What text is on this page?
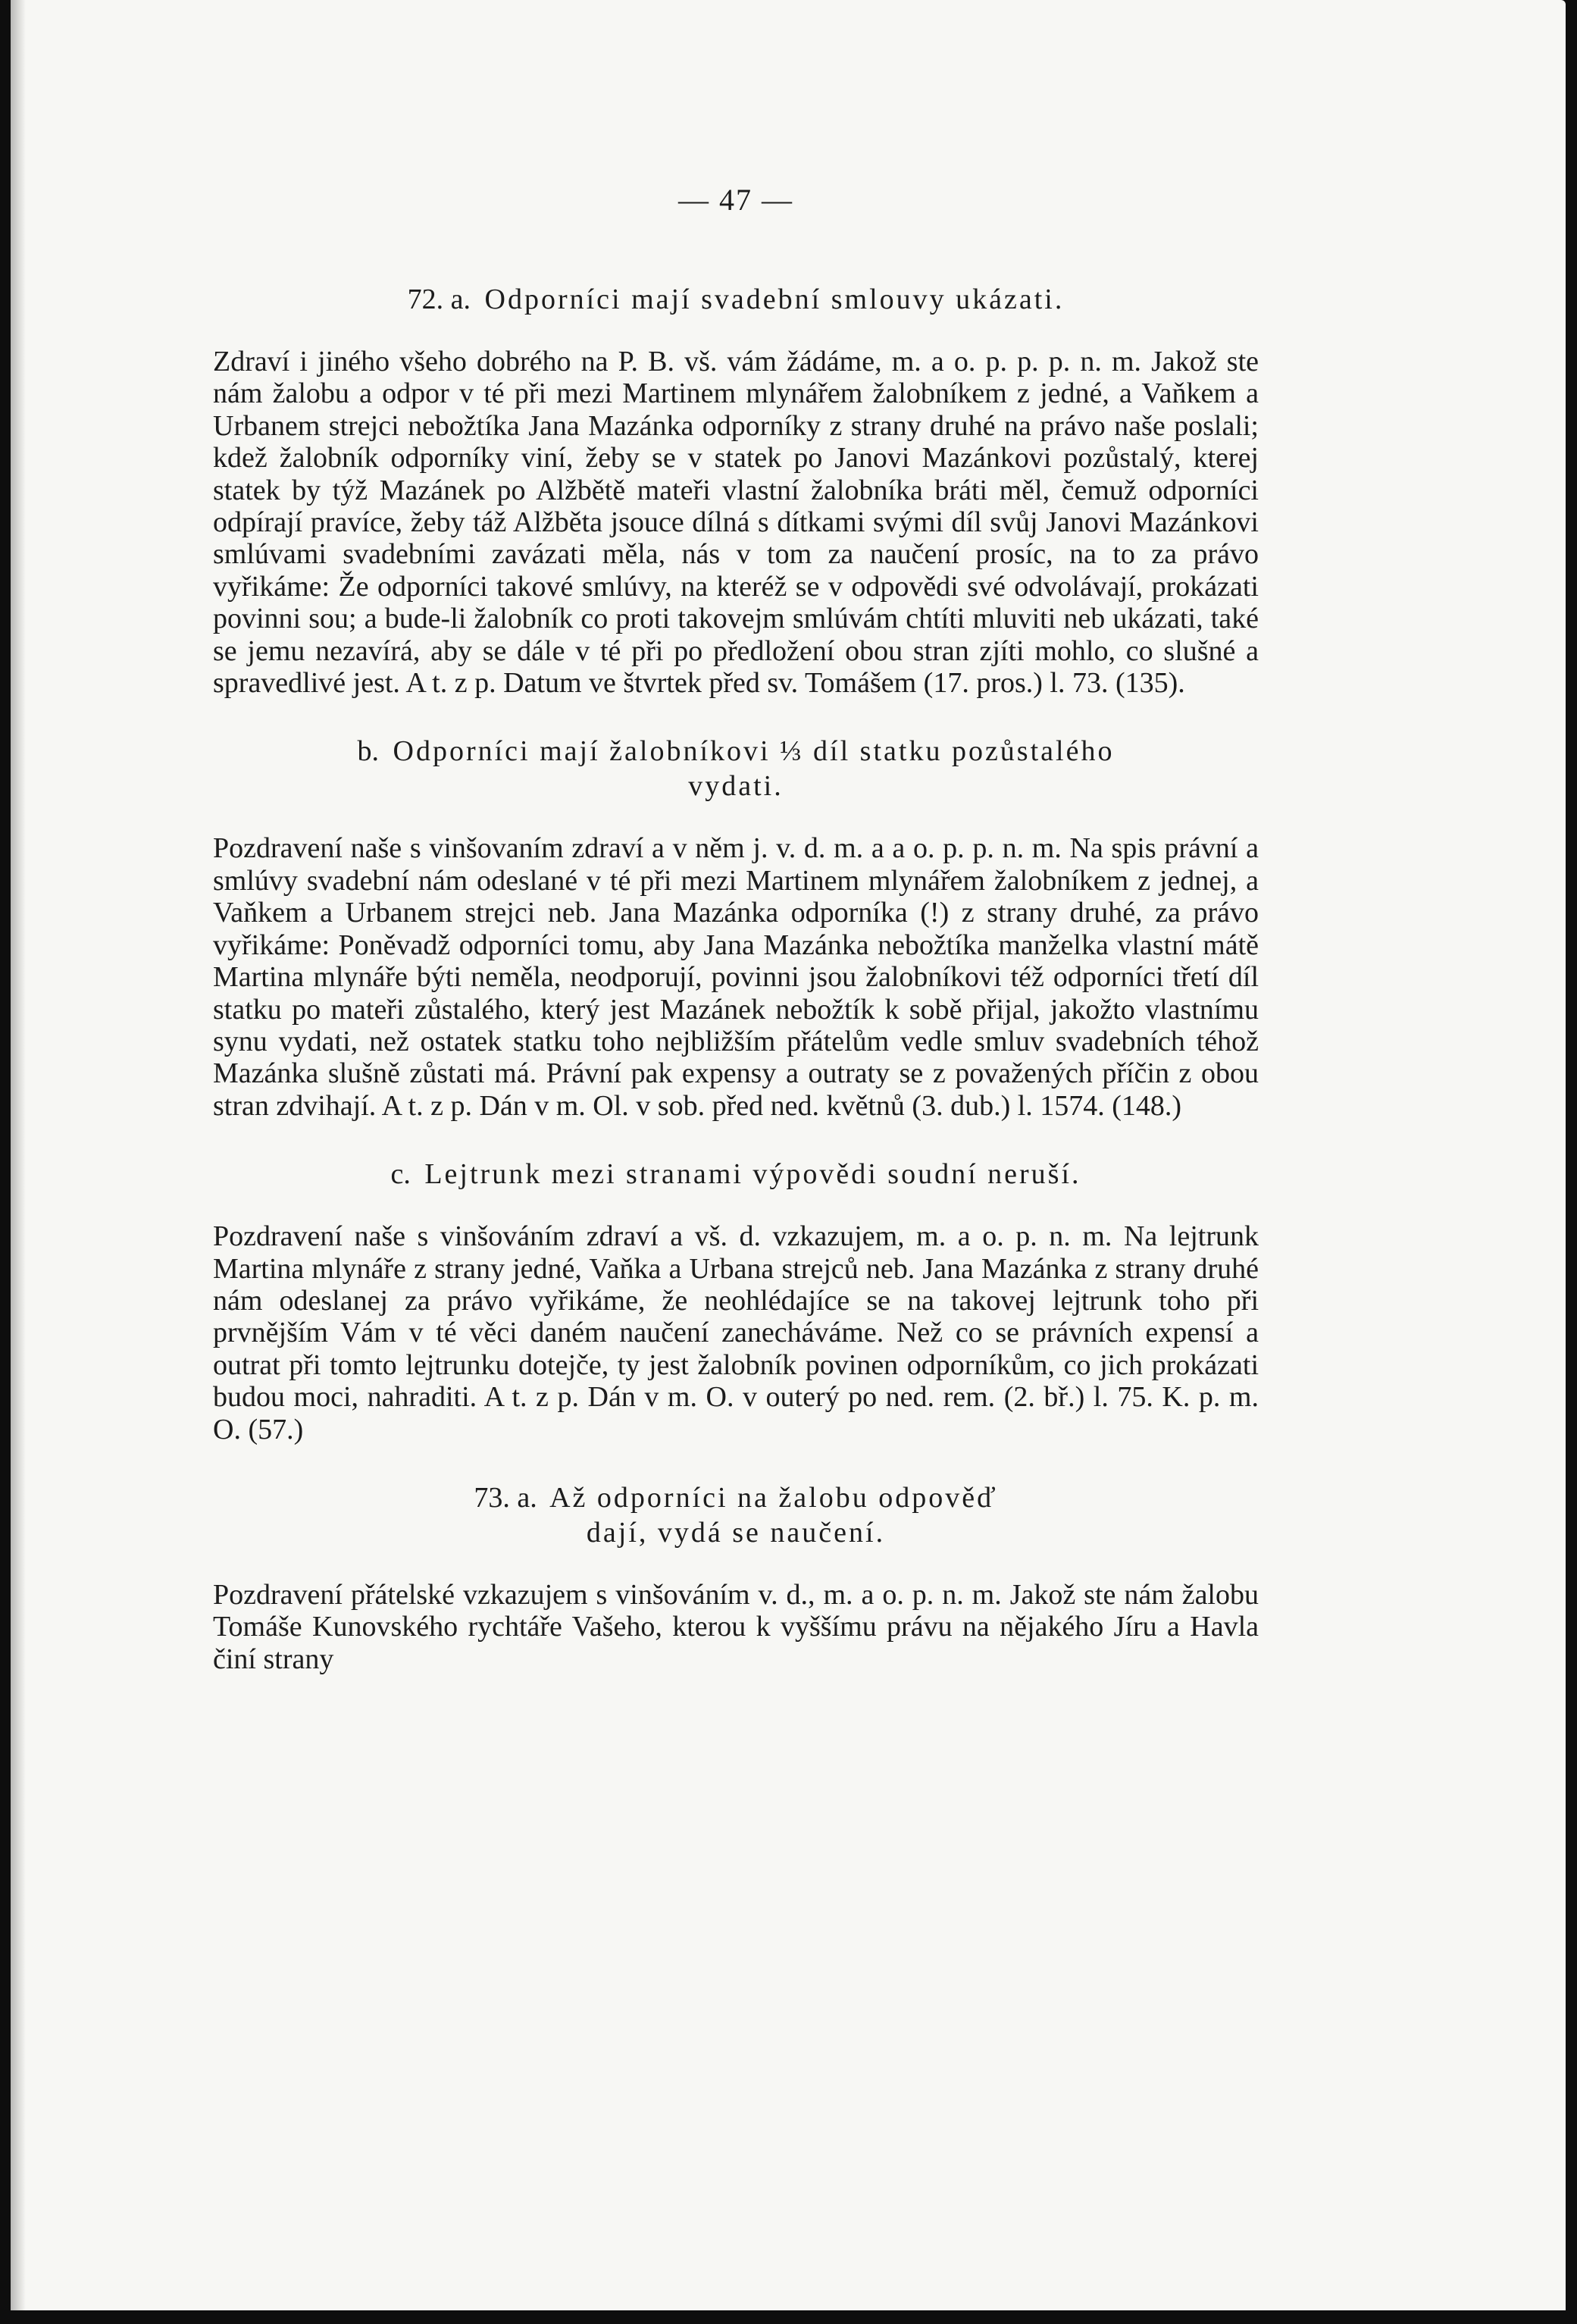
— 47 —

72. a. Odporníci mají svadební smlouvy ukázati.

Zdraví i jiného všeho dobrého na P. B. vš. vám žádáme, m. a o. p. p. p. n. m. Jakož ste nám žalobu a odpor v té při mezi Martinem mlynářem žalobníkem z jedné, a Vaňkem a Urbanem strejci nebožtíka Jana Mazánka odporníky z strany druhé na právo naše poslali; kdež žalobník odporníky viní, žeby se v statek po Janovi Mazánkovi pozůstalý, kterej statek by týž Mazánek po Alžbětě mateři vlastní žalobníka bráti měl, čemuž odporníci odpírají pravíce, žeby táž Alžběta jsouce dílná s dítkami svými díl svůj Janovi Mazánkovi smlúvami svadebními zavázati měla, nás v tom za naučení prosíc, na to za právo vyřikáme: Že odporníci takové smlúvy, na kteréž se v odpovědi své odvolávají, prokázati povinni sou; a bude-li žalobník co proti takovejm smlúvám chtíti mluviti neb ukázati, také se jemu nezavírá, aby se dále v té při po předložení obou stran zjíti mohlo, co slušné a spravedlivé jest. A t. z p. Datum ve štvrtek před sv. Tomášem (17. pros.) l. 73. (135).

b. Odporníci mají žalobníkovi ⅓ díl statku pozůstalého vydati.

Pozdravení naše s vinšovaním zdraví a v něm j. v. d. m. a a o. p. p. n. m. Na spis právní a smlúvy svadební nám odeslané v té při mezi Martinem mlynářem žalobníkem z jednej, a Vaňkem a Urbanem strejci neb. Jana Mazánka odporníka (!) z strany druhé, za právo vyřikáme: Poněvadž odporníci tomu, aby Jana Mazánka nebožtíka manželka vlastní mátě Martina mlynáře býti neměla, neodporují, povinni jsou žalobníkovi též odporníci třetí díl statku po mateři zůstalého, který jest Mazánek nebožtík k sobě přijal, jakožto vlastnímu synu vydati, než ostatek statku toho nejbližším přátelům vedle smluv svadebních téhož Mazánka slušně zůstati má. Právní pak expensy a outraty se z považených příčin z obou stran zdvihají. A t. z p. Dán v m. Ol. v sob. před ned. květnů (3. dub.) l. 1574. (148.)

c. Lejtrunk mezi stranami výpovědi soudní neruší.

Pozdravení naše s vinšováním zdraví a vš. d. vzkazujem, m. a o. p. n. m. Na lejtrunk Martina mlynáře z strany jedné, Vaňka a Urbana strejců neb. Jana Mazánka z strany druhé nám odeslanej za právo vyřikáme, že neohlédajíce se na takovej lejtrunk toho při prvnějším Vám v té věci daném naučení zanecháváme. Než co se právních expensí a outrat při tomto lejtrunku dotejče, ty jest žalobník povinen odporníkům, co jich prokázati budou moci, nahraditi. A t. z p. Dán v m. O. v outerý po ned. rem. (2. bř.) l. 75. K. p. m. O. (57.)

73. a. Až odporníci na žalobu odpověď dají, vydá se naučení.

Pozdravení přátelské vzkazujem s vinšováním v. d., m. a o. p. n. m. Jakož ste nám žalobu Tomáše Kunovského rychtáře Vašeho, kterou k vyššímu právu na nějakého Jíru a Havla činí strany
